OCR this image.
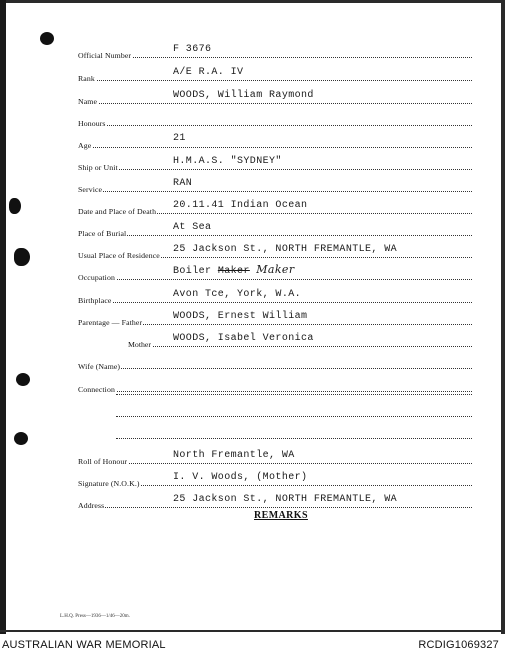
Official Number
F 3676
Rank
A/E R.A. IV
Name
WOODS, William Raymond
Honours
Age
21
Ship or Unit
H.M.A.S. "SYDNEY"
Service
RAN
Date and Place of Death
20.11.41 Indian Ocean
Place of Burial
At Sea
Usual Place of Residence
25 Jackson St., NORTH FREMANTLE, WA
Occupation
Boiler Maker Maker
Birthplace
Avon Tce, York, W.A.
Parentage — Father
WOODS, Ernest William
Mother
WOODS, Isabel Veronica
Wife (Name)
Connection
Roll of Honour
North Fremantle, WA
Signature (N.O.K.)
I. V. Woods, (Mother)
Address
25 Jackson St., NORTH FREMANTLE, WA
REMARKS
L.H.Q. Press—1936—1/46—20m.
AUSTRALIAN WAR MEMORIAL	RCDIG1069327
